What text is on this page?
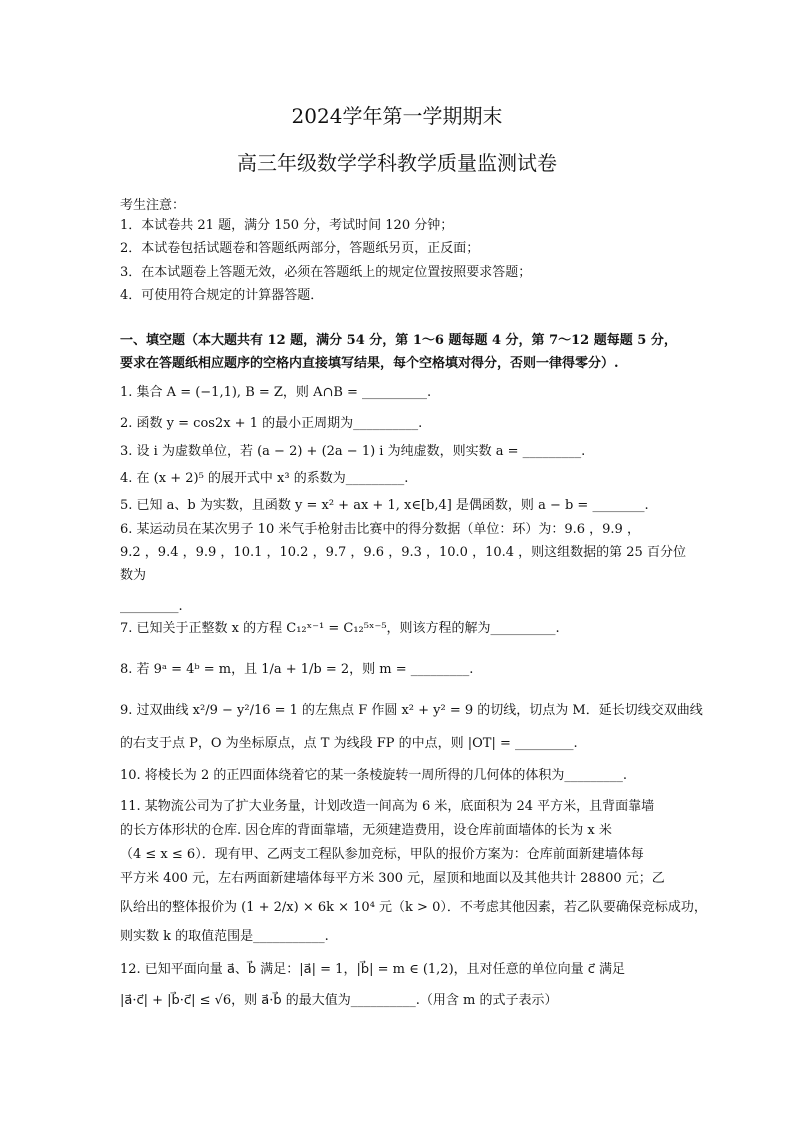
2024学年第一学期期末
高三年级数学学科教学质量监测试卷
考生注意：
1．本试卷共 21 题，满分 150 分，考试时间 120 分钟；
2．本试卷包括试题卷和答题纸两部分，答题纸另页，正反面；
3．在本试题卷上答题无效，必须在答题纸上的规定位置按照要求答题；
4．可使用符合规定的计算器答题．
一、填空题（本大题共有 12 题，满分 54 分，第 1～6 题每题 4 分，第 7～12 题每题 5 分，
要求在答题纸相应题序的空格内直接填写结果，每个空格填对得分，否则一律得零分）.
1. 集合 A = (−1,1), B = Z，则 A∩B = __________.
2. 函数 y = cos2x + 1 的最小正周期为__________.
3. 设 i 为虚数单位，若 (a − 2) + (2a − 1) i 为纯虚数，则实数 a = _________.
4. 在 (x + 2)⁵ 的展开式中 x³ 的系数为_________.
5. 已知 a、b 为实数，且函数 y = x² + ax + 1, x∈[b,4] 是偶函数，则 a − b = ________.
6. 某运动员在某次男子 10 米气手枪射击比赛中的得分数据（单位：环）为：9.6 ，9.9 ，
9.2 ，9.4 ，9.9 ，10.1 ，10.2 ，9.7 ，9.6 ，9.3 ，10.0 ，10.4 ，则这组数据的第 25 百分位
数为
_________.
7. 已知关于正整数 x 的方程 C₁₂ˣ⁻¹ = C₁₂⁵ˣ⁻⁵，则该方程的解为__________.
8. 若 9ᵃ = 4ᵇ = m，且 1/a + 1/b = 2，则 m = _________.
9. 过双曲线 x²/9 − y²/16 = 1 的左焦点 F 作圆 x² + y² = 9 的切线，切点为 M．延长切线交双曲线
的右支于点 P，O 为坐标原点，点 T 为线段 FP 的中点，则 |OT| = _________.
10. 将棱长为 2 的正四面体绕着它的某一条棱旋转一周所得的几何体的体积为_________.
11. 某物流公司为了扩大业务量，计划改造一间高为 6 米，底面积为 24 平方米，且背面靠墙
的长方体形状的仓库. 因仓库的背面靠墙，无须建造费用，设仓库前面墙体的长为 x 米
（4 ≤ x ≤ 6）．现有甲、乙两支工程队参加竞标，甲队的报价方案为：仓库前面新建墙体每
平方米 400 元，左右两面新建墙体每平方米 300 元，屋顶和地面以及其他共计 28800 元；乙
队给出的整体报价为 (1 + 2/x) × 6k × 10⁴ 元（k > 0）．不考虑其他因素，若乙队要确保竞标成功，
则实数 k 的取值范围是___________.
12. 已知平面向量 a⃗、b⃗ 满足：|a⃗| = 1，|b⃗| = m ∈ (1,2)，且对任意的单位向量 c⃗ 满足
|a⃗·c⃗| + |b⃗·c⃗| ≤ √6，则 a⃗·b⃗ 的最大值为__________.（用含 m 的式子表示）
